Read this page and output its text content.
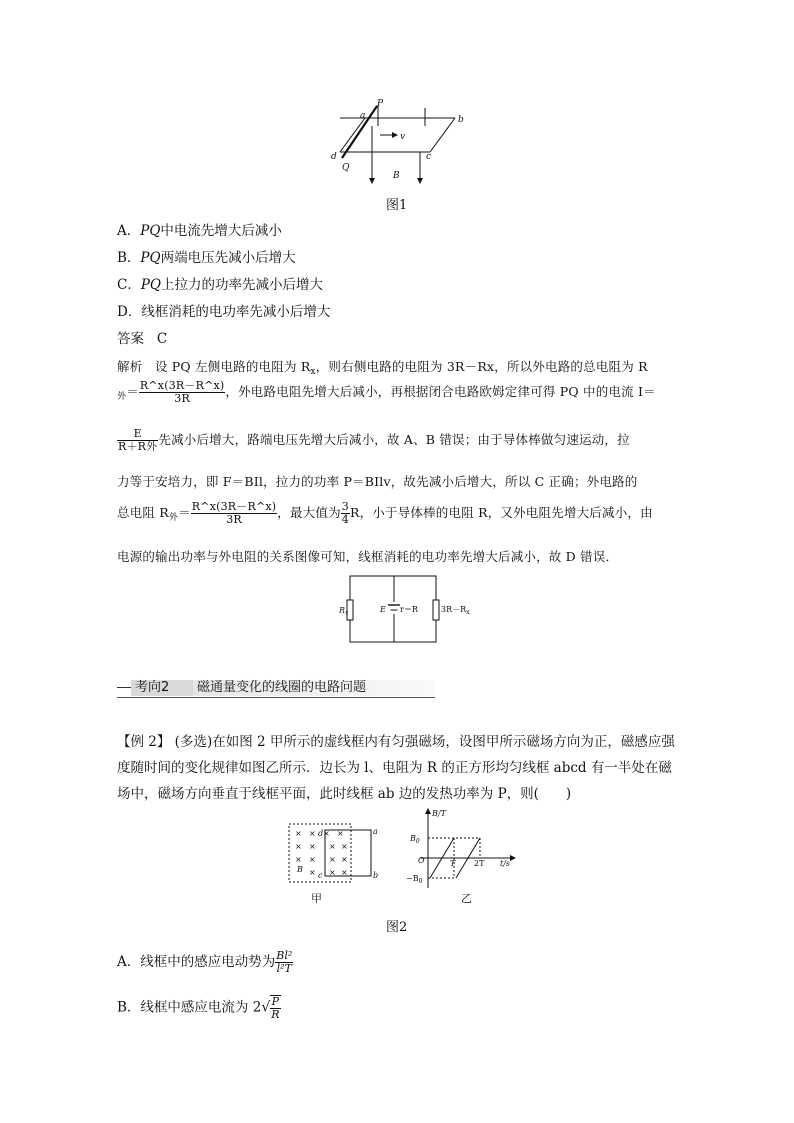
P
a	b
c
d
Q
v
B
图1
A．PQ中电流先增大后减小
B．PQ两端电压先减小后增大
C．PQ上拉力的功率先减小后增大
D．线框消耗的电功率先减小后增大
答案 C
解析 设 PQ 左侧电路的电阻为 $R_x$，则右侧电路的电阻为 3R－Rx，所以外电路的总电阻为 R
$_外= \frac{R\^{}x(3R-R\^{}x)}{3R}$ ，外电路电阻先增大后减小，再根据闭合电路欧姆定律可得 PQ 中的电流 I＝
$\frac{E}{\text{R＋R外}}$ 先减小后增大，路端电压先增大后减小，故 A、B 错误；由于导体棒做匀速运动，拉
力等于安培力，即 F＝BIl，拉力的功率 P＝BIlv，故先减小后增大，所以 C 正确；外电路的
总电阻 $R_外= \frac{R\^{}x(3R-R\^{}x)}{3R}$ ，最大值为 $\frac{3}{4}$ R，小于导体棒的电阻 R，又外电阻先增大后减小，由
电源的输出功率与外电阻的关系图像可知，线框消耗的电功率先增大后减小，故 D 错误．
$R_x$	E r＝R	$3R-R_x$
考向2 磁通量变化的线圈的电路问题
【例 2】 (多选)在如图 2 甲所示的虚线框内有匀强磁场，设图甲所示磁场方向为正，磁感应强
度随时间的变化规律如图乙所示．边长为 l、电阻为 R 的正方形均匀线框 abcd 有一半处在磁
场中，磁场方向垂直于线框平面，此时线框 ab 边的发热功率为 P，则(　　)
× × × ×
× × × ×
× × × ×
× × ×
a
b
c
d
B
甲
B/T
$B_0$
O	T 2T t/s
$-B_0$
乙
图2
A．线框中的感应电动势为 $\frac{\text{Bl²}}{\text{l²T}}$
B．线框中感应电流为 $2√ \frac{P}{R}$
